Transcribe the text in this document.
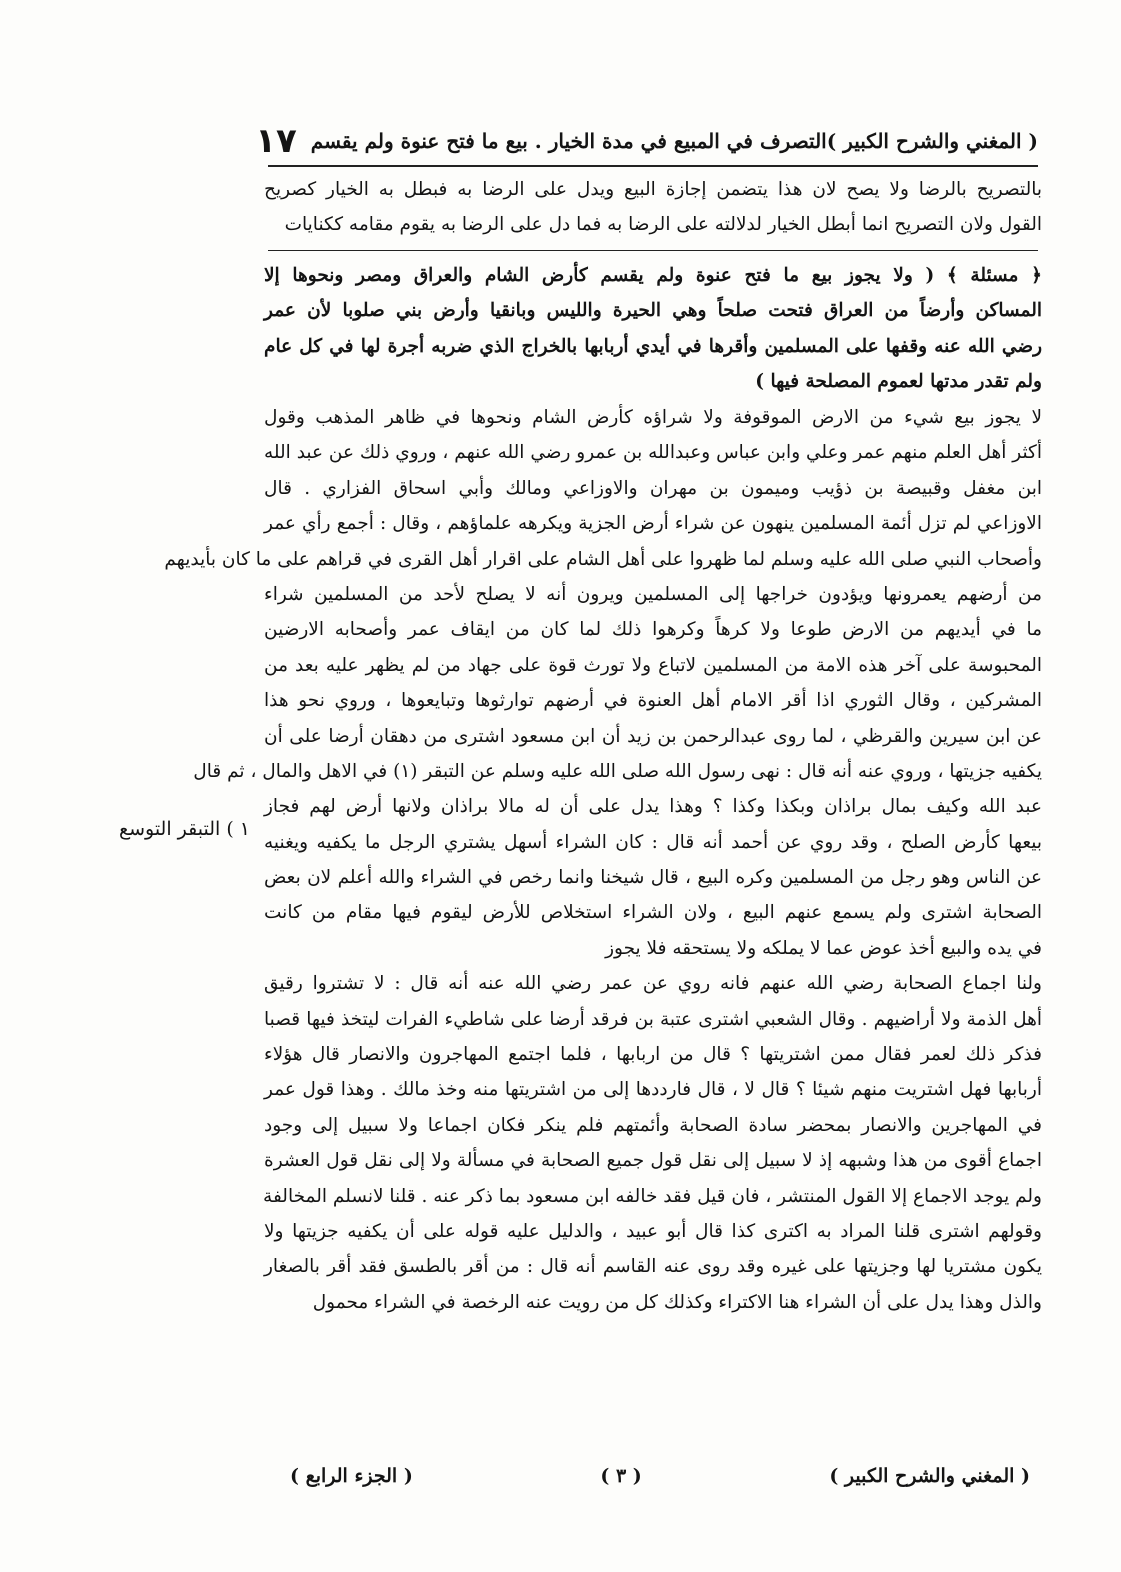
( المغني والشرح الكبير )
التصرف في المبيع في مدة الخيار . بيع ما فتح عنوة ولم يقسم
١٧
بالتصريح بالرضا ولا يصح لان هذا يتضمن إجازة البيع ويدل على الرضا به فبطل به الخيار كصريح
القول ولان التصريح انما أبطل الخيار لدلالته على الرضا به فما دل على الرضا به يقوم مقامه ككنايات
﴿ مسئلة ﴾ ( ولا يجوز بيع ما فتح عنوة ولم يقسم كأرض الشام والعراق ومصر ونحوها إلا
المساكن وأرضاً من العراق فتحت صلحاً وهي الحيرة والليس وبانقيا وأرض بني صلوبا لأن عمر
رضي الله عنه وقفها على المسلمين وأقرها في أيدي أربابها بالخراج الذي ضربه أجرة لها في كل عام
ولم تقدر مدتها لعموم المصلحة فيها )
لا يجوز بيع شيء من الارض الموقوفة ولا شراؤه كأرض الشام ونحوها في ظاهر المذهب وقول
أكثر أهل العلم منهم عمر وعلي وابن عباس وعبدالله بن عمرو رضي الله عنهم ، وروي ذلك عن عبد الله
ابن مغفل وقبيصة بن ذؤيب وميمون بن مهران والاوزاعي ومالك وأبي اسحاق الفزاري . قال
الاوزاعي لم تزل أئمة المسلمين ينهون عن شراء أرض الجزية ويكرهه علماؤهم ، وقال : أجمع رأي عمر
وأصحاب النبي صلى الله عليه وسلم لما ظهروا على أهل الشام على اقرار أهل القرى في قراهم على ما كان بأيديهم
من أرضهم يعمرونها ويؤدون خراجها إلى المسلمين ويرون أنه لا يصلح لأحد من المسلمين شراء
ما في أيديهم من الارض طوعا ولا كرهاً وكرهوا ذلك لما كان من ايقاف عمر وأصحابه الارضين
المحبوسة على آخر هذه الامة من المسلمين لاتباع ولا تورث قوة على جهاد من لم يظهر عليه بعد من
المشركين ، وقال الثوري اذا أقر الامام أهل العنوة في أرضهم توارثوها وتبايعوها ، وروي نحو هذا
عن ابن سيرين والقرظي ، لما روى عبدالرحمن بن زيد أن ابن مسعود اشترى من دهقان أرضا على أن
يكفيه جزيتها ، وروي عنه أنه قال : نهى رسول الله صلى الله عليه وسلم عن التبقر (١) في الاهل والمال ، ثم قال
عبد الله وكيف بمال براذان وبكذا وكذا ؟ وهذا يدل على أن له مالا براذان ولانها أرض لهم فجاز
بيعها كأرض الصلح ، وقد روي عن أحمد أنه قال : كان الشراء أسهل يشتري الرجل ما يكفيه ويغنيه
عن الناس وهو رجل من المسلمين وكره البيع ، قال شيخنا وانما رخص في الشراء والله أعلم لان بعض
الصحابة اشترى ولم يسمع عنهم البيع ، ولان الشراء استخلاص للأرض ليقوم فيها مقام من كانت
في يده والبيع أخذ عوض عما لا يملكه ولا يستحقه فلا يجوز
ولنا اجماع الصحابة رضي الله عنهم فانه روي عن عمر رضي الله عنه أنه قال : لا تشتروا رقيق
أهل الذمة ولا أراضيهم . وقال الشعبي اشترى عتبة بن فرقد أرضا على شاطيء الفرات ليتخذ فيها قصبا
فذكر ذلك لعمر فقال ممن اشتريتها ؟ قال من اربابها ، فلما اجتمع المهاجرون والانصار قال هؤلاء
أربابها فهل اشتريت منهم شيئا ؟ قال لا ، قال فارددها إلى من اشتريتها منه وخذ مالك . وهذا قول عمر
في المهاجرين والانصار بمحضر سادة الصحابة وأئمتهم فلم ينكر فكان اجماعا ولا سبيل إلى وجود
اجماع أقوى من هذا وشبهه إذ لا سبيل إلى نقل قول جميع الصحابة في مسألة ولا إلى نقل قول العشرة
ولم يوجد الاجماع إلا القول المنتشر ، فان قيل فقد خالفه ابن مسعود بما ذكر عنه . قلنا لانسلم المخالفة
وقولهم اشترى قلنا المراد به اكترى كذا قال أبو عبيد ، والدليل عليه قوله على أن يكفيه جزيتها ولا
يكون مشتريا لها وجزيتها على غيره وقد روى عنه القاسم أنه قال : من أقر بالطسق فقد أقر بالصغار
والذل وهذا يدل على أن الشراء هنا الاكتراء وكذلك كل من رويت عنه الرخصة في الشراء محمول
١ ) التبقر التوسع
( المغني والشرح الكبير )
( ٣ )
( الجزء الرابع )
